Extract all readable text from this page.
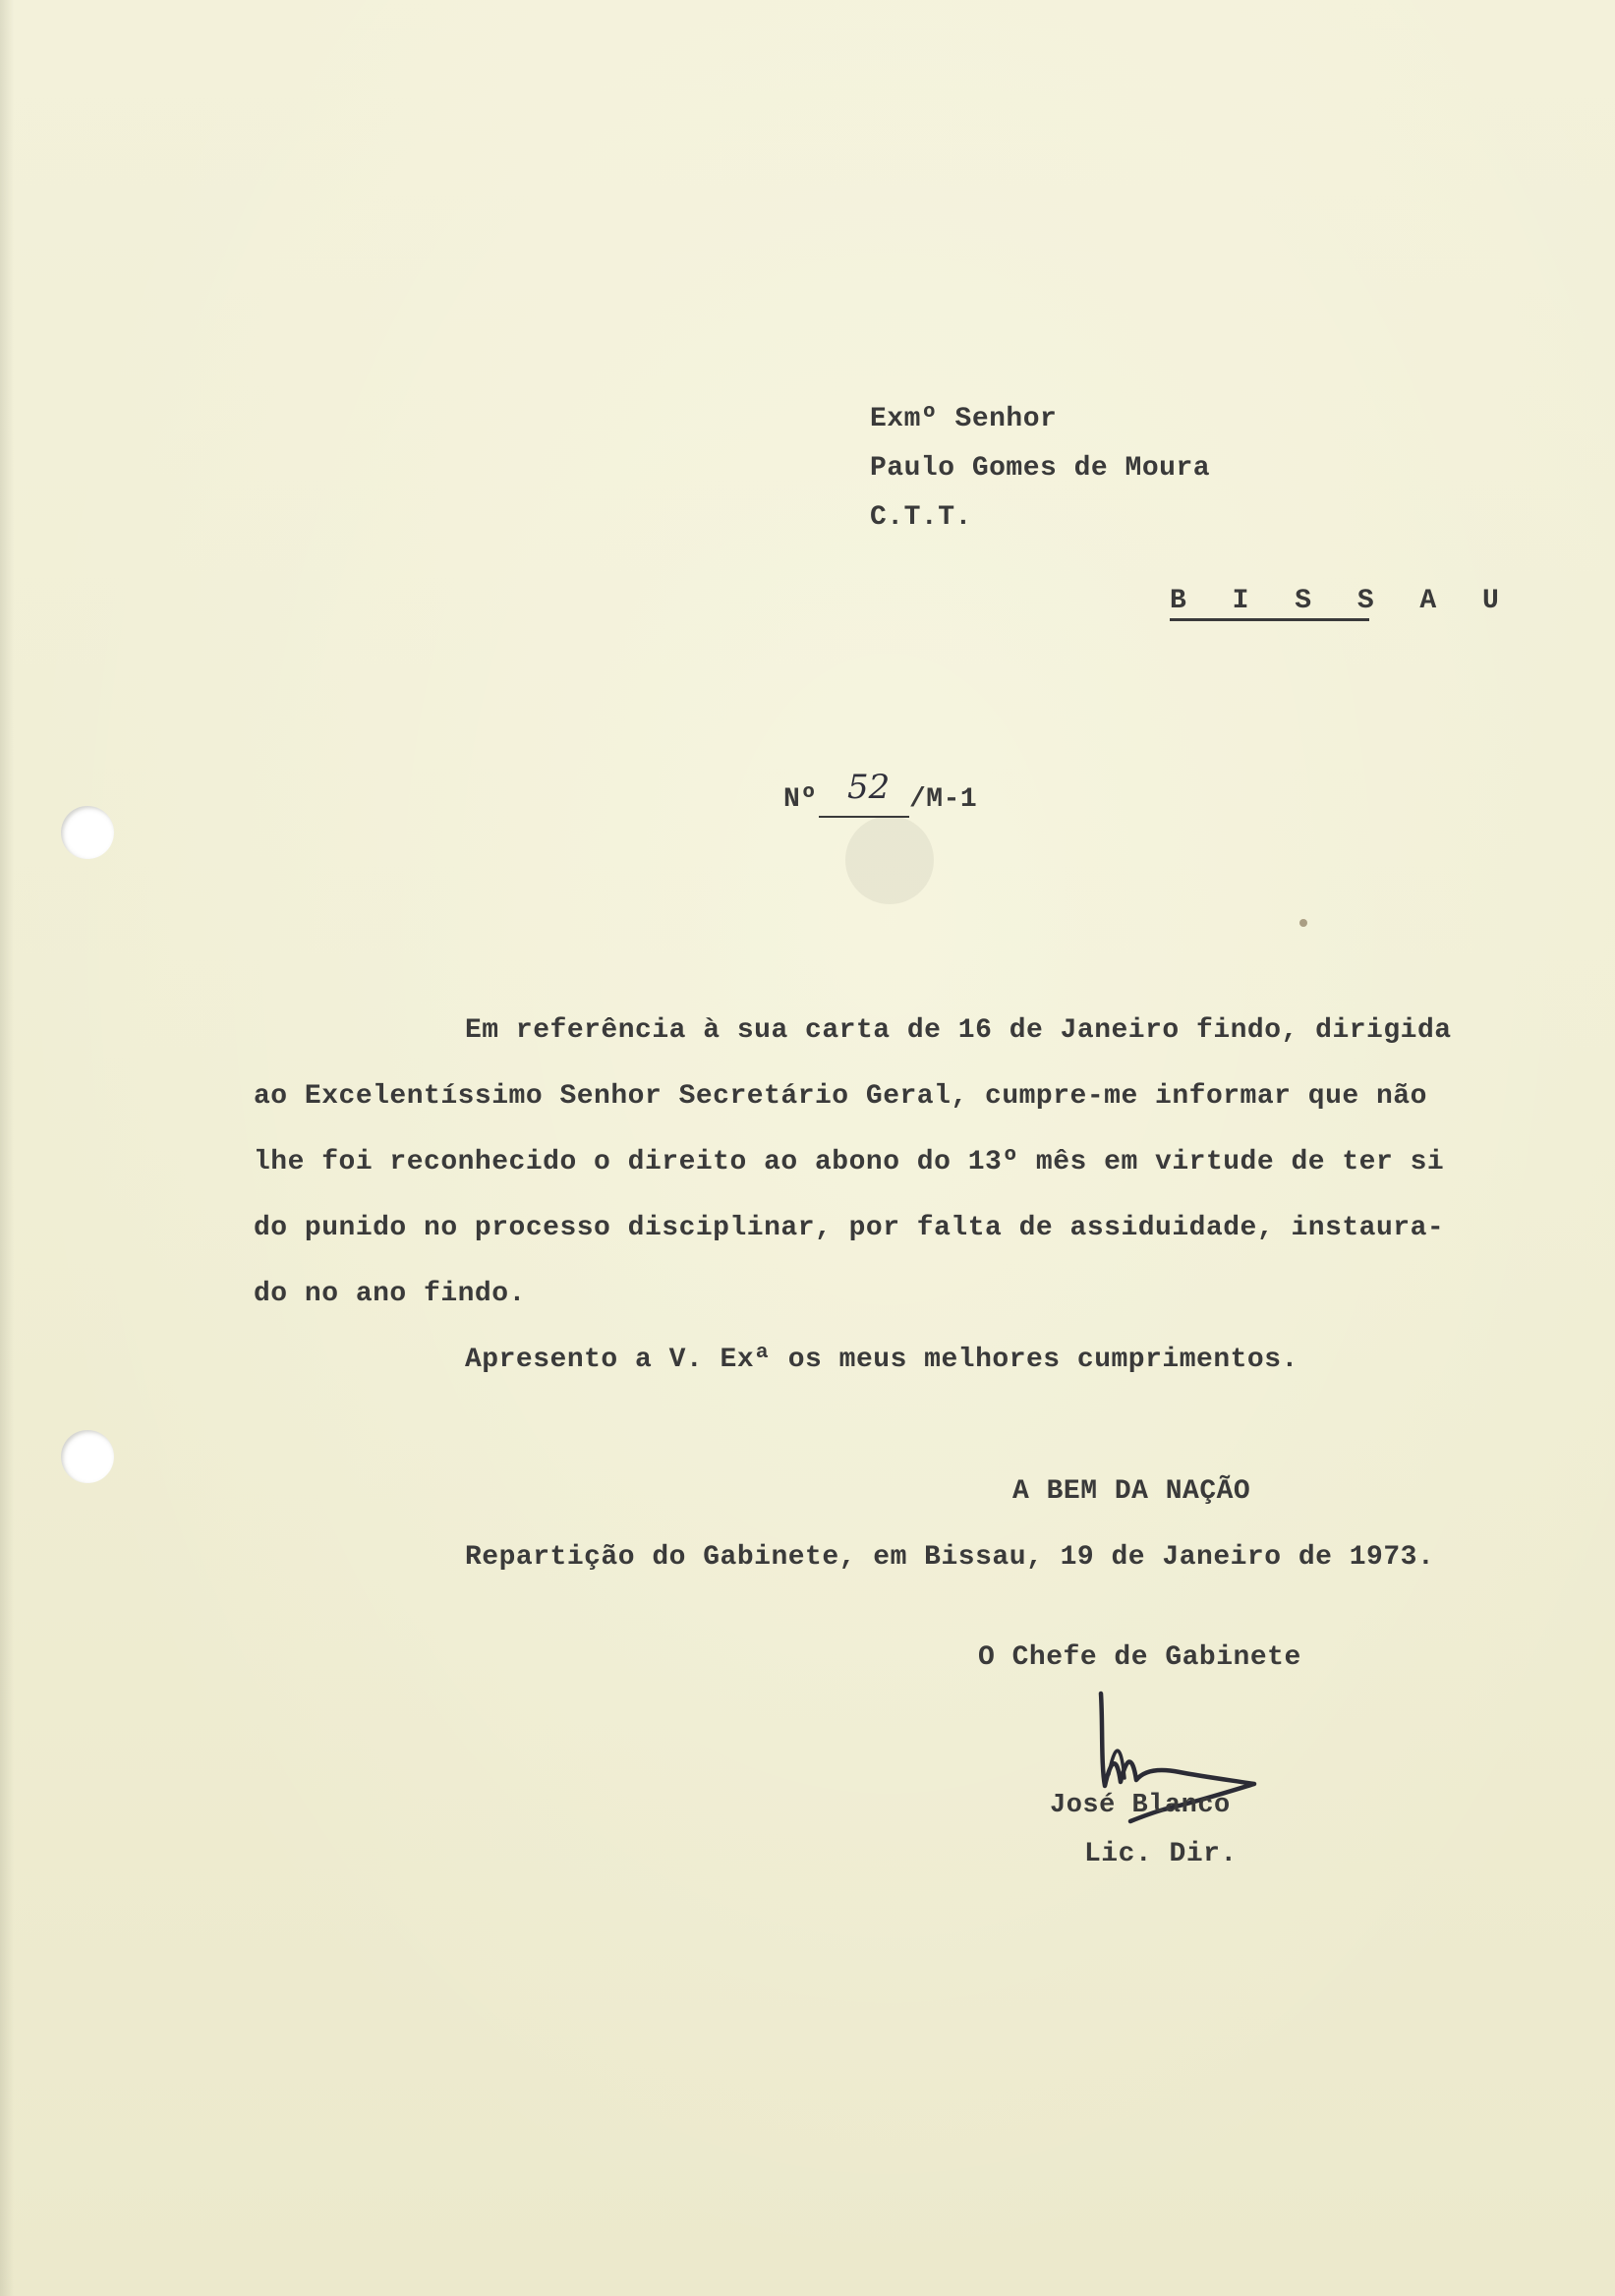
Exmº Senhor
Paulo Gomes de Moura
C.T.T.
B I S S A U
Nº 52 /M-1
Em referência à sua carta de 16 de Janeiro findo, dirigida
ao Excelentíssimo Senhor Secretário Geral, cumpre-me informar que não
lhe foi reconhecido o direito ao abono do 13º mês em virtude de ter si
do punido no processo disciplinar, por falta de assiduidade, instaura-
do no ano findo.
Apresento a V. Exª os meus melhores cumprimentos.
A BEM DA NAÇÃO
Repartição do Gabinete, em Bissau, 19 de Janeiro de 1973.
O Chefe de Gabinete
José Blanco
Lic. Dir.
